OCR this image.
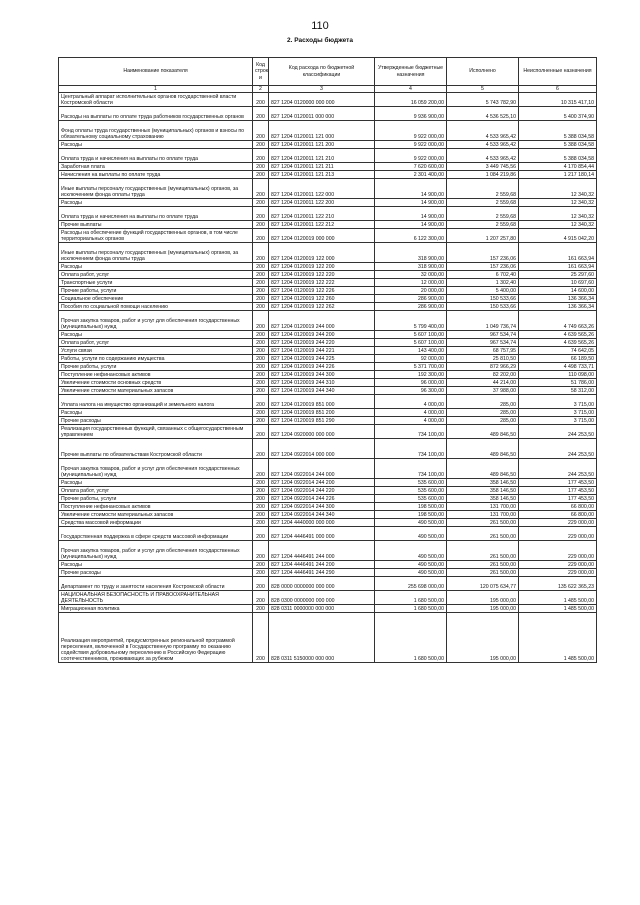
110
2. Расходы бюджета
Наименование показателя	Код строк и	Код расхода по бюджетной классификации	Утвержденные бюджетные назначения	Исполнено	Неисполненные назначения
1	2	3	4	5	6
Центральный аппарат исполнительных органов государственной власти Костромской области	200	827 1204 0120000 000 000	16 059 200,00	5 743 782,90	10 315 417,10
Расходы на выплаты по оплате труда работников государственных органов	200	827 1204 0120011 000 000	9 936 900,00	4 536 525,10	5 400 374,90
Фонд оплаты труда государственных (муниципальных) органов и взносы по обязательному социальному страхованию	200	827 1204 0120011 121 000	9 922 000,00	4 533 965,42	5 388 034,58
Расходы	200	827 1204 0120011 121 200	9 922 000,00	4 533 965,42	5 388 034,58
Оплата труда и начисления на выплаты по оплате труда	200	827 1204 0120011 121 210	9 922 000,00	4 533 965,42	5 388 034,58
Заработная плата	200	827 1204 0120011 121 211	7 620 600,00	3 449 745,56	4 170 854,44
Начисления на выплаты по оплате труда	200	827 1204 0120011 121 213	2 301 400,00	1 084 219,86	1 217 180,14
Иные выплаты персоналу государственных (муниципальных) органов, за исключением фонда оплаты труда	200	827 1204 0120011 122 000	14 900,00	2 559,68	12 340,32
Расходы	200	827 1204 0120011 122 200	14 900,00	2 559,68	12 340,32
Оплата труда и начисления на выплаты по оплате труда	200	827 1204 0120011 122 210	14 900,00	2 559,68	12 340,32
Прочие выплаты	200	827 1204 0120011 122 212	14 900,00	2 559,68	12 340,32
Расходы на обеспечение функций государственных органов, в том числе территориальных органов	200	827 1204 0120019 000 000	6 122 300,00	1 207 257,80	4 915 042,20
Иные выплаты персоналу государственных (муниципальных) органов, за исключением фонда оплаты труда	200	827 1204 0120019 122 000	318 900,00	157 236,06	161 663,94
Расходы	200	827 1204 0120019 122 200	318 900,00	157 236,06	161 663,94
Оплата работ, услуг	200	827 1204 0120019 122 220	32 000,00	6 702,40	25 297,60
Транспортные услуги	200	827 1204 0120019 122 222	12 000,00	1 302,40	10 697,60
Прочие работы, услуги	200	827 1204 0120019 122 226	20 000,00	5 400,00	14 600,00
Социальное обеспечение	200	827 1204 0120019 122 260	286 900,00	150 533,66	136 366,34
Пособия по социальной помощи населению	200	827 1204 0120019 122 262	286 900,00	150 533,66	136 366,34
Прочая закупка товаров, работ и услуг для обеспечения государственных (муниципальных) нужд	200	827 1204 0120019 244 000	5 799 400,00	1 049 736,74	4 749 663,26
Расходы	200	827 1204 0120019 244 200	5 607 100,00	967 534,74	4 639 565,26
Оплата работ, услуг	200	827 1204 0120019 244 220	5 607 100,00	967 534,74	4 639 565,26
Услуги связи	200	827 1204 0120019 244 221	143 400,00	68 757,95	74 642,05
Работы, услуги по содержанию имущества	200	827 1204 0120019 244 225	92 000,00	25 810,50	66 189,50
Прочие работы, услуги	200	827 1204 0120019 244 226	5 371 700,00	872 966,29	4 498 733,71
Поступление нефинансовых активов	200	827 1204 0120019 244 300	192 300,00	82 202,00	110 098,00
Увеличение стоимости основных средств	200	827 1204 0120019 244 310	96 000,00	44 214,00	51 786,00
Увеличение стоимости материальных запасов	200	827 1204 0120019 244 340	96 300,00	37 988,00	58 312,00
Уплата налога на имущество организаций и земельного налога	200	827 1204 0120019 851 000	4 000,00	285,00	3 715,00
Расходы	200	827 1204 0120019 851 200	4 000,00	285,00	3 715,00
Прочие расходы	200	827 1204 0120019 851 290	4 000,00	285,00	3 715,00
Реализация государственных функций, связанных с общегосударственным управлением	200	827 1204 0920000 000 000	734 100,00	489 846,50	244 253,50
Прочие выплаты по обязательствам Костромской области	200	827 1204 0922014 000 000	734 100,00	489 846,50	244 253,50
Прочая закупка товаров, работ и услуг для обеспечения государственных (муниципальных) нужд	200	827 1204 0922014 244 000	734 100,00	489 846,50	244 253,50
Расходы	200	827 1204 0922014 244 200	535 600,00	358 146,50	177 453,50
Оплата работ, услуг	200	827 1204 0922014 244 220	535 600,00	358 146,50	177 453,50
Прочие работы, услуги	200	827 1204 0922014 244 226	535 600,00	358 146,50	177 453,50
Поступление нефинансовых активов	200	827 1204 0922014 244 300	198 500,00	131 700,00	66 800,00
Увеличение стоимости материальных запасов	200	827 1204 0922014 244 340	198 500,00	131 700,00	66 800,00
Средства массовой информации	200	827 1204 4440000 000 000	490 500,00	261 500,00	229 000,00
Государственная поддержка в сфере средств массовой информации	200	827 1204 4446491 000 000	490 500,00	261 500,00	229 000,00
Прочая закупка товаров, работ и услуг для обеспечения государственных (муниципальных) нужд	200	827 1204 4446491 244 000	490 500,00	261 500,00	229 000,00
Расходы	200	827 1204 4446491 244 200	490 500,00	261 500,00	229 000,00
Прочие расходы	200	827 1204 4446491 244 290	490 500,00	261 500,00	229 000,00
Департамент по труду и занятости населения Костромской области	200	828 0000 0000000 000 000	255 698 000,00	120 075 634,77	135 622 365,23
НАЦИОНАЛЬНАЯ БЕЗОПАСНОСТЬ И ПРАВООХРАНИТЕЛЬНАЯ ДЕЯТЕЛЬНОСТЬ	200	828 0300 0000000 000 000	1 680 500,00	195 000,00	1 485 500,00
Миграционная политика	200	828 0311 0000000 000 000	1 680 500,00	195 000,00	1 485 500,00
Реализация мероприятий, предусмотренных региональной программой переселения, включенной в Государственную программу по оказанию содействия добровольному переселению в Российскую Федерацию соотечественников, проживающих за рубежом	200	828 0311 5150000 000 000	1 680 500,00	195 000,00	1 485 500,00
